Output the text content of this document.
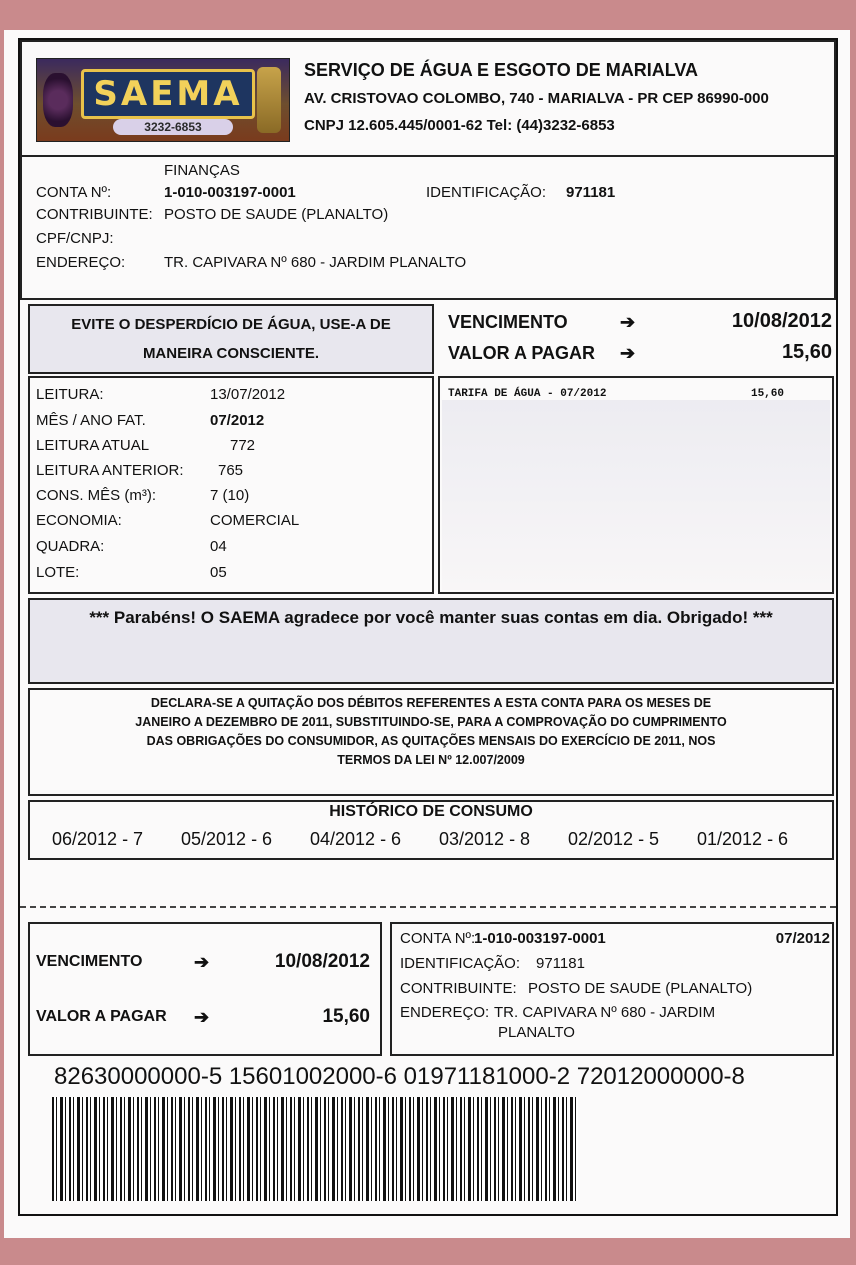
SAEMA
3232-6853
SERVIÇO DE ÁGUA E ESGOTO DE MARIALVA
AV. CRISTOVAO COLOMBO, 740 - MARIALVA - PR CEP 86990-000
CNPJ 12.605.445/0001-62 Tel: (44)3232-6853
FINANÇAS
CONTA Nº:	1-010-003197-0001	IDENTIFICAÇÃO: 971181
CONTRIBUINTE: POSTO DE SAUDE (PLANALTO)
CPF/CNPJ:
ENDEREÇO:	TR. CAPIVARA Nº 680 - JARDIM PLANALTO
EVITE O DESPERDÍCIO DE ÁGUA, USE-A DE
MANEIRA CONSCIENTE.
VENCIMENTO	➔	10/08/2012
VALOR A PAGAR ➔	15,60
LEITURA:	13/07/2012
MÊS / ANO FAT.	07/2012
LEITURA ATUAL	772
LEITURA ANTERIOR: 765
CONS. MÊS (m³):	7 (10)
ECONOMIA:	COMERCIAL
QUADRA:	04
LOTE:	05
TARIFA DE ÁGUA - 07/2012	15,60
*** Parabéns! O SAEMA agradece por você manter suas contas em dia. Obrigado! ***
DECLARA-SE A QUITAÇÃO DOS DÉBITOS REFERENTES A ESTA CONTA PARA OS MESES DE
JANEIRO A DEZEMBRO DE 2011, SUBSTITUINDO-SE, PARA A COMPROVAÇÃO DO CUMPRIMENTO
DAS OBRIGAÇÕES DO CONSUMIDOR, AS QUITAÇÕES MENSAIS DO EXERCÍCIO DE 2011, NOS
TERMOS DA LEI Nº 12.007/2009
HISTÓRICO DE CONSUMO
06/2012 - 7 05/2012 - 6 04/2012 - 6 03/2012 - 8 02/2012 - 5 01/2012 - 6
VENCIMENTO	➔	10/08/2012
VALOR A PAGAR ➔	15,60
CONTA Nº:
1-010-003197-0001	07/2012
IDENTIFICAÇÃO: 971181
CONTRIBUINTE: POSTO DE SAUDE (PLANALTO)
ENDEREÇO: TR. CAPIVARA Nº 680 - JARDIM
PLANALTO
82630000000-5 15601002000-6 01971181000-2 72012000000-8
